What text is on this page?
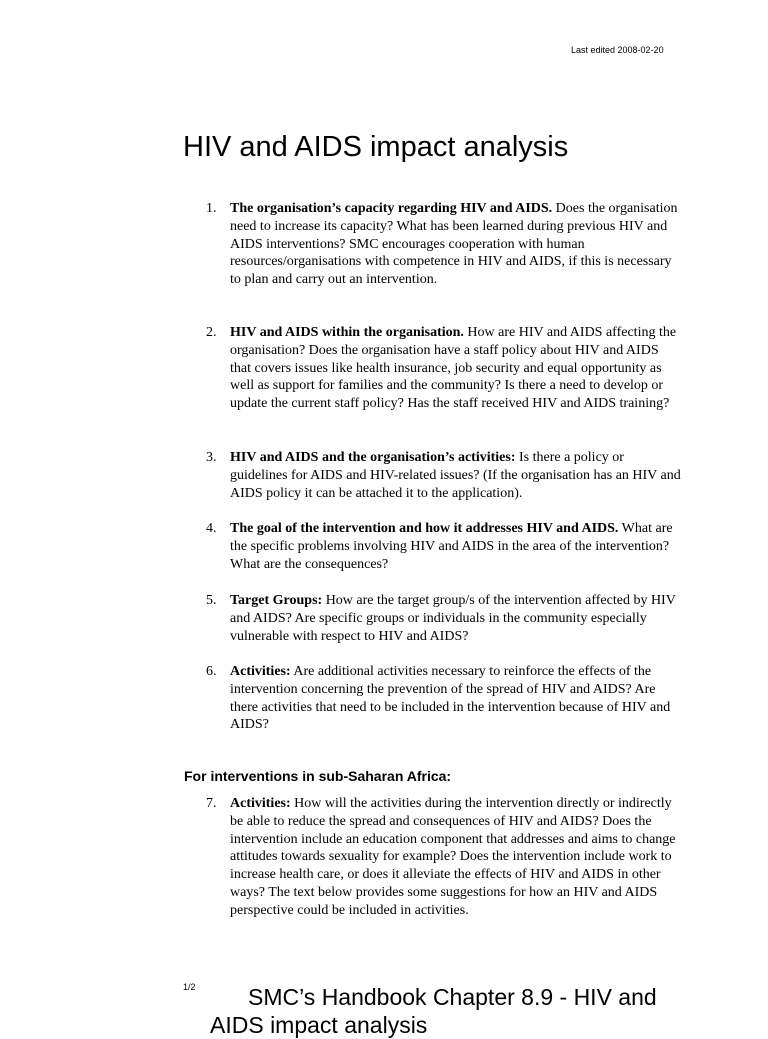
Last edited 2008-02-20
HIV and AIDS impact analysis
1. The organisation’s capacity regarding HIV and AIDS. Does the organisation need to increase its capacity? What has been learned during previous HIV and AIDS interventions? SMC encourages cooperation with human resources/organisations with competence in HIV and AIDS, if this is necessary to plan and carry out an intervention.
2. HIV and AIDS within the organisation. How are HIV and AIDS affecting the organisation? Does the organisation have a staff policy about HIV and AIDS that covers issues like health insurance, job security and equal opportunity as well as support for families and the community? Is there a need to develop or update the current staff policy? Has the staff received HIV and AIDS training?
3. HIV and AIDS and the organisation’s activities: Is there a policy or guidelines for AIDS and HIV-related issues? (If the organisation has an HIV and AIDS policy it can be attached it to the application).
4. The goal of the intervention and how it addresses HIV and AIDS. What are the specific problems involving HIV and AIDS in the area of the intervention? What are the consequences?
5. Target Groups: How are the target group/s of the intervention affected by HIV and AIDS? Are specific groups or individuals in the community especially vulnerable with respect to HIV and AIDS?
6. Activities: Are additional activities necessary to reinforce the effects of the intervention concerning the prevention of the spread of HIV and AIDS? Are there activities that need to be included in the intervention because of HIV and AIDS?
For interventions in sub-Saharan Africa:
7. Activities: How will the activities during the intervention directly or indirectly be able to reduce the spread and consequences of HIV and AIDS? Does the intervention include an education component that addresses and aims to change attitudes towards sexuality for example? Does the intervention include work to increase health care, or does it alleviate the effects of HIV and AIDS in other ways? The text below provides some suggestions for how an HIV and AIDS perspective could be included in activities.
1/2	SMC’s Handbook Chapter 8.9 - HIV and AIDS impact analysis
